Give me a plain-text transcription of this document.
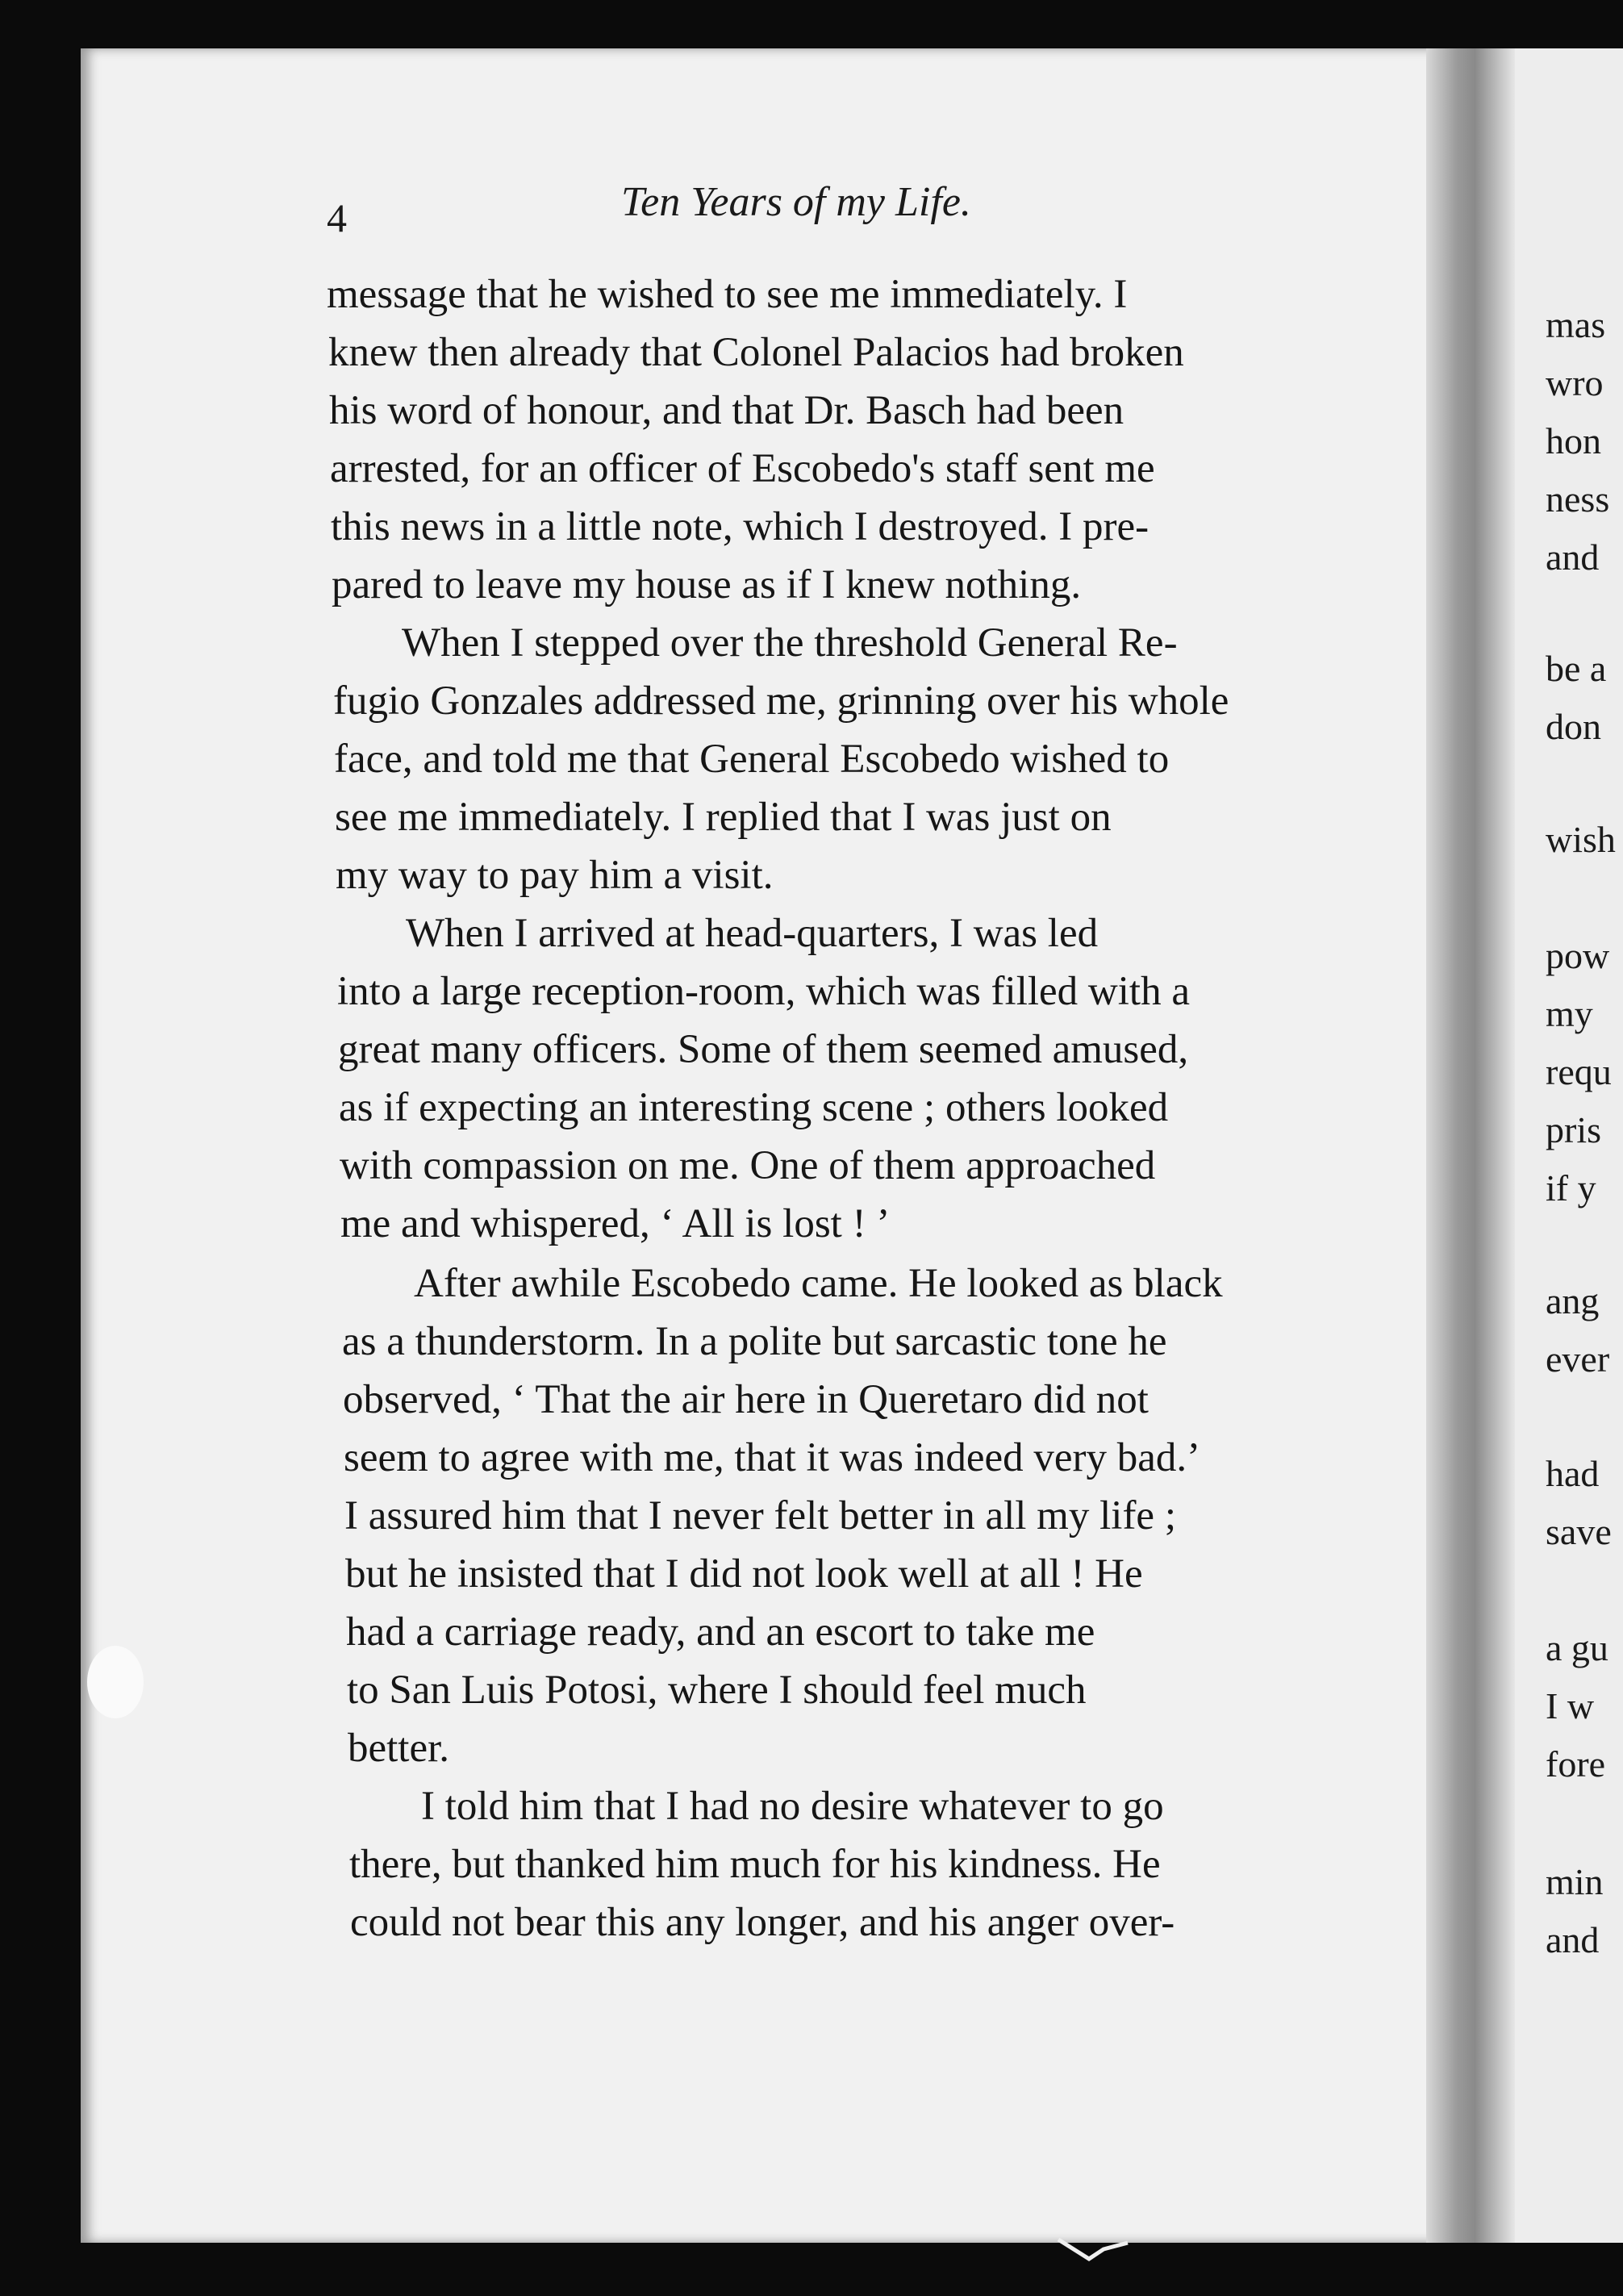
mas
wro
hon
ness
and
be a
don
wish
pow
my
requ
pris
if y
ang
ever
had
save
a gu
I w
fore
min
and
4	Ten Years of my Life.
message that he wished to see me immediately. I
knew then already that Colonel Palacios had broken
his word of honour, and that Dr. Basch had been
arrested, for an officer of Escobedo's staff sent me
this news in a little note, which I destroyed. I pre-
pared to leave my house as if I knew nothing.
When I stepped over the threshold General Re-
fugio Gonzales addressed me, grinning over his whole
face, and told me that General Escobedo wished to
see me immediately. I replied that I was just on
my way to pay him a visit.
When I arrived at head-quarters, I was led
into a large reception-room, which was filled with a
great many officers. Some of them seemed amused,
as if expecting an interesting scene ; others looked
with compassion on me. One of them approached
me and whispered, ‘ All is lost ! ’
After awhile Escobedo came. He looked as black
as a thunderstorm. In a polite but sarcastic tone he
observed, ‘ That the air here in Queretaro did not
seem to agree with me, that it was indeed very bad.’
I assured him that I never felt better in all my life ;
but he insisted that I did not look well at all ! He
had a carriage ready, and an escort to take me
to San Luis Potosi, where I should feel much
better.
I told him that I had no desire whatever to go
there, but thanked him much for his kindness. He
could not bear this any longer, and his anger over-
